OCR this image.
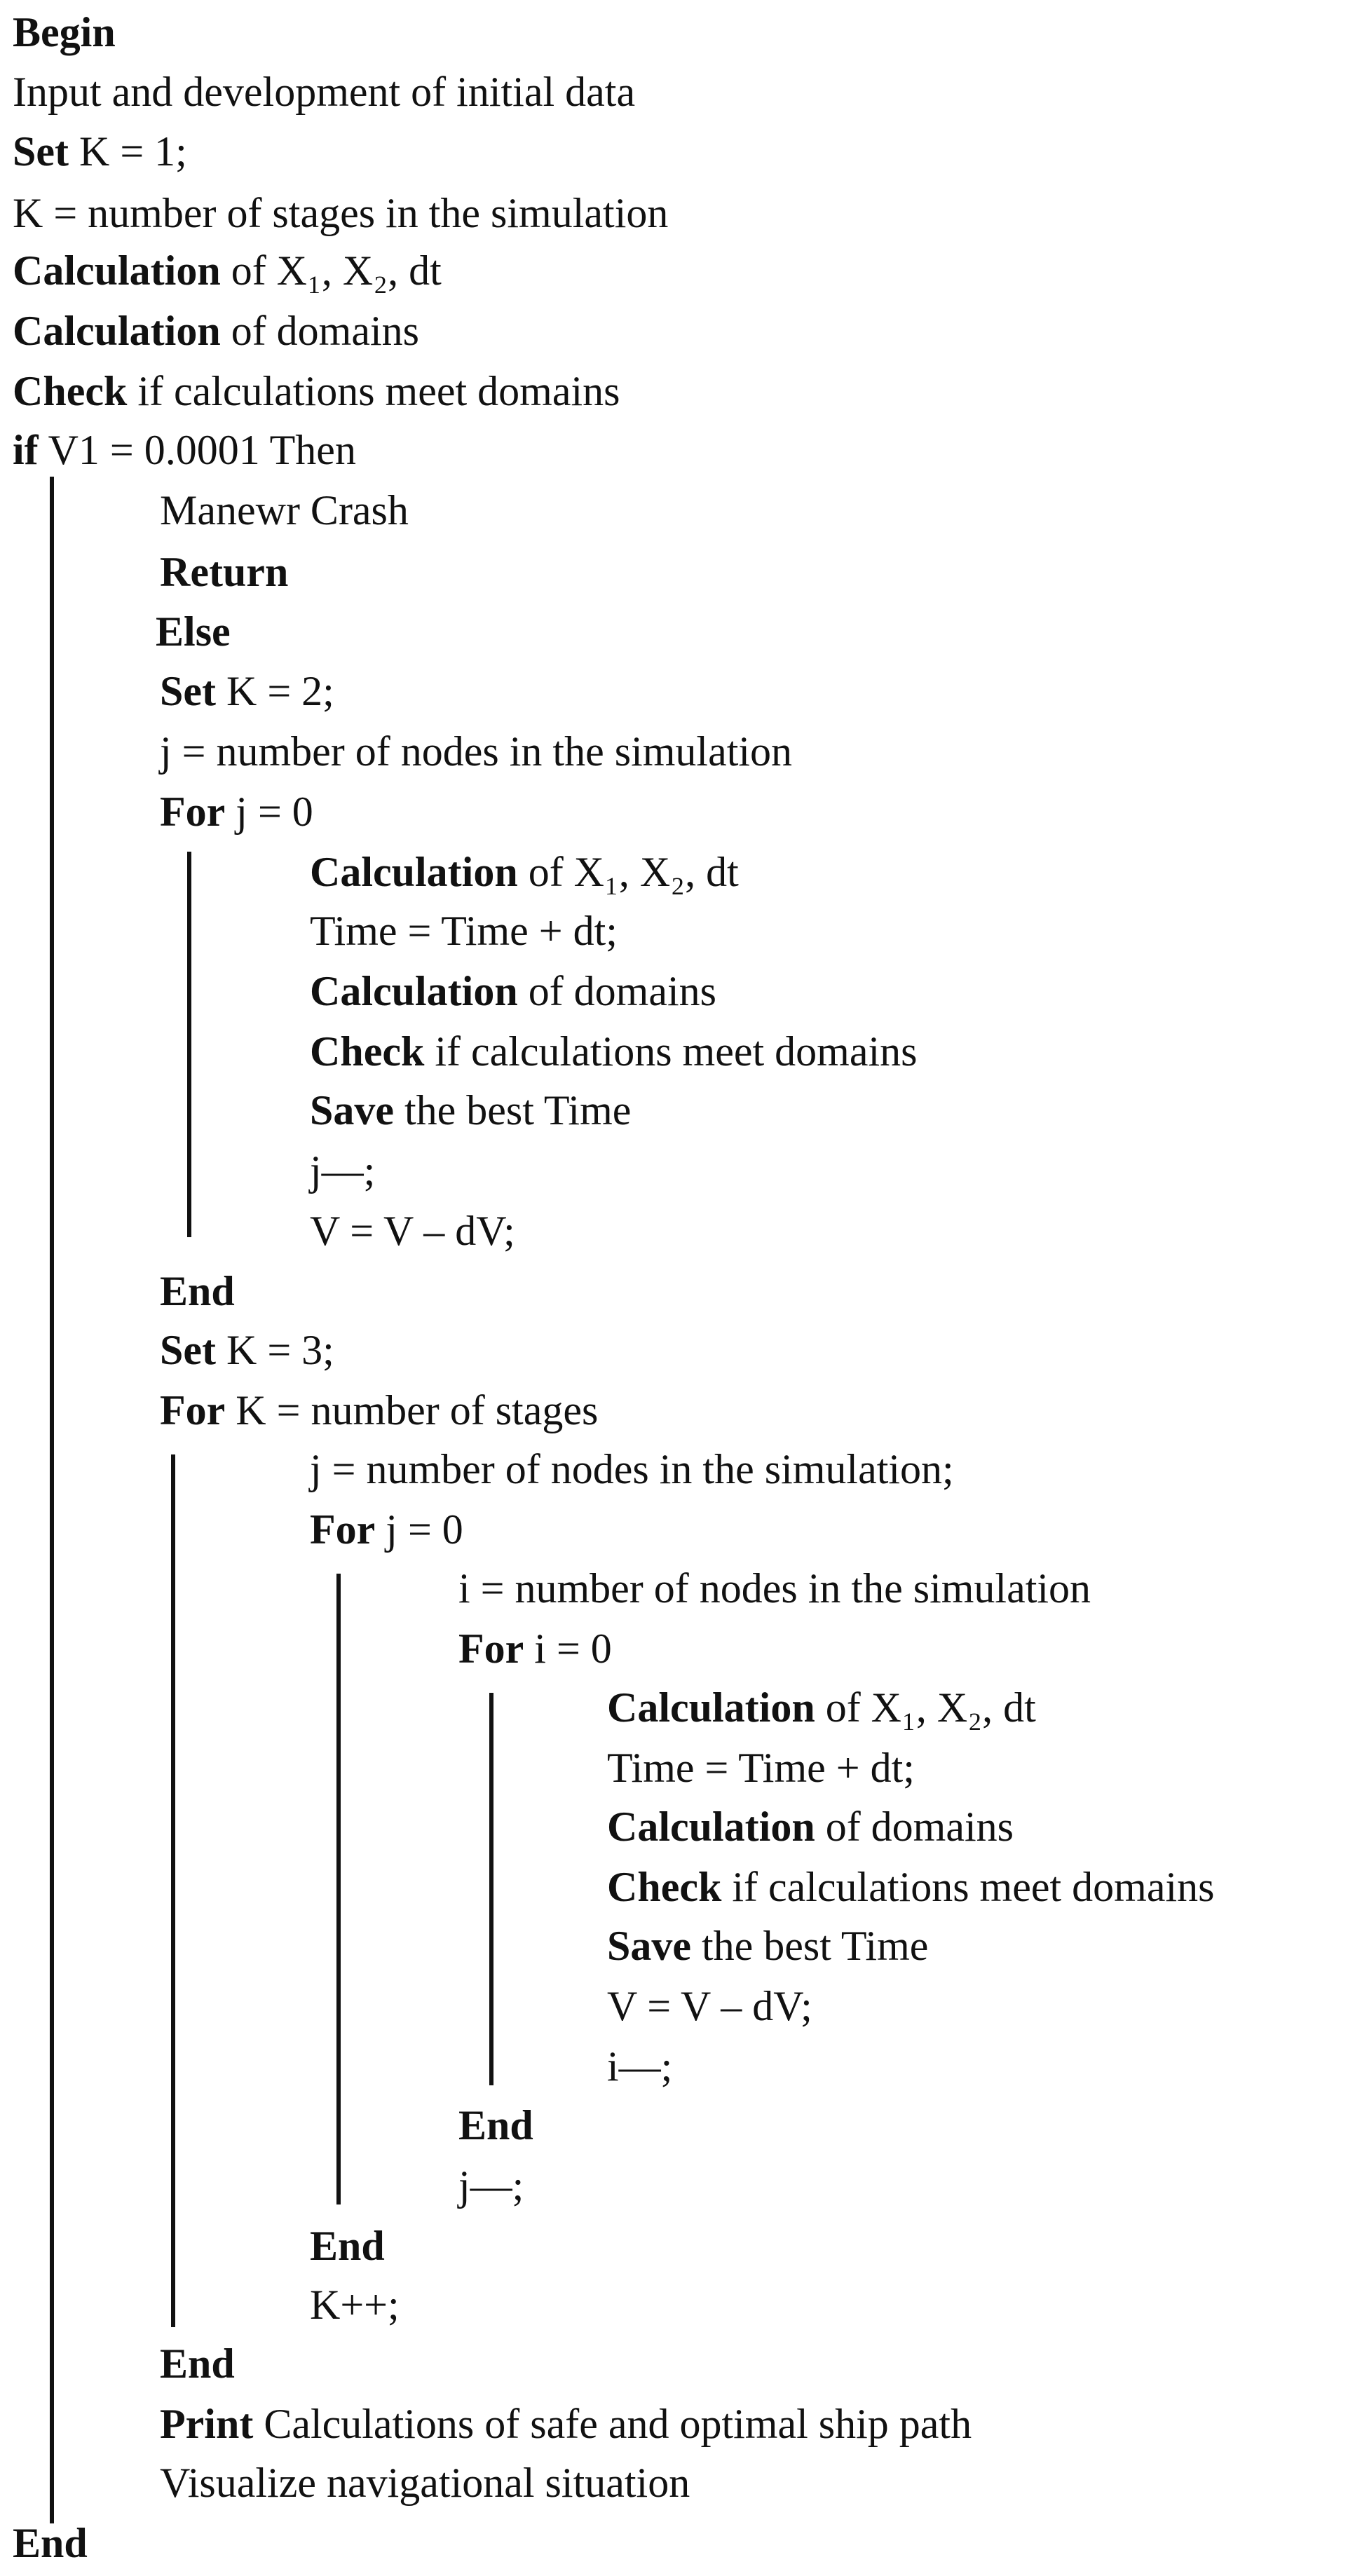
Begin
Input and development of initial data
Set K = 1;
K = number of stages in the simulation
Calculation of X₁, X₂, dt
Calculation of domains
Check if calculations meet domains
if V1 = 0.0001 Then
Manewr Crash
Return
Else
Set K = 2;
j = number of nodes in the simulation
For j = 0
Calculation of X₁, X₂, dt
Time = Time + dt;
Calculation of domains
Check if calculations meet domains
Save the best Time
j––;
V = V – dV;
End
Set K = 3;
For K = number of stages
j = number of nodes in the simulation;
For j = 0
i = number of nodes in the simulation
For i = 0
Calculation of X₁, X₂, dt
Time = Time + dt;
Calculation of domains
Check if calculations meet domains
Save the best Time
V = V – dV;
i––;
End
j––;
End
K++;
End
Print Calculations of safe and optimal ship path
Visualize navigational situation
End
